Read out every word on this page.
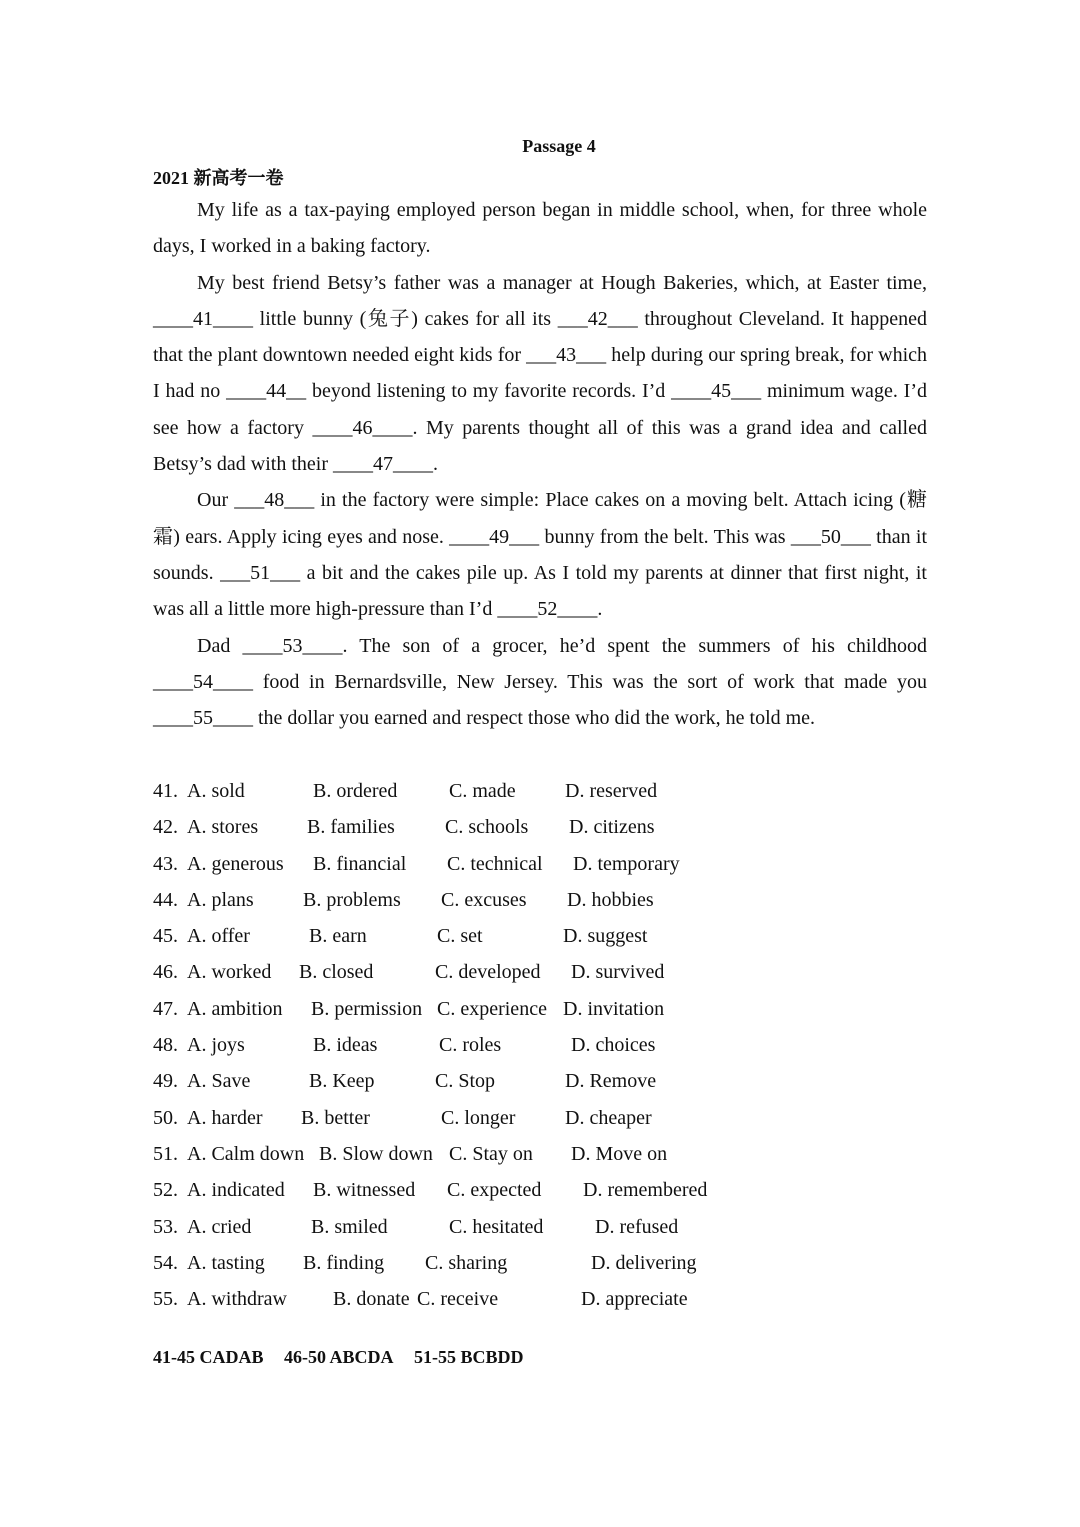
Passage 4
2021 新高考一卷

My life as a tax-paying employed person began in middle school, when, for three whole days, I worked in a baking factory.

My best friend Betsy’s father was a manager at Hough Bakeries, which, at Easter time, ____41____ little bunny (兔子) cakes for all its ___42___ throughout Cleveland. It happened that the plant downtown needed eight kids for ___43___ help during our spring break, for which I had no ____44__ beyond listening to my favorite records. I’d ____45___ minimum wage. I’d see how a factory ____46____. My parents thought all of this was a grand idea and called Betsy’s dad with their ____47____.

Our ___48___ in the factory were simple: Place cakes on a moving belt. Attach icing (糖霜) ears. Apply icing eyes and nose. ____49___ bunny from the belt. This was ___50___ than it sounds. ___51___ a bit and the cakes pile up. As I told my parents at dinner that first night, it was all a little more high-pressure than I’d ____52____.

Dad ____53____. The son of a grocer, he’d spent the summers of his childhood ____54____ food in Bernardsville, New Jersey. This was the sort of work that made you ____55____ the dollar you earned and respect those who did the work, he told me.

41. A. sold	B. ordered	C. made D. reserved
42. A. stores B. families	C. schools D. citizens
43. A. generous B. financial C. technical D. temporary
44. A. plans B. problems C. excuses D. hobbies
45. A. offer	B. earn	C. set	D. suggest
46. A. worked B. closed	C. developed D. survived
47. A. ambition B. permission C. experience D. invitation
48. A. joys	B. ideas	C. roles	D. choices
49. A. Save	B. Keep	C. Stop	D. Remove
50. A. harder B. better	C. longer D. cheaper
51. A. Calm down B. Slow down C. Stay on D. Move on
52. A. indicated B. witnessed C. expected D. remembered
53. A. cried	B. smiled	C. hesitated	D. refused
54. A. tasting B. finding C. sharing	D. delivering
55. A. withdraw B. donate C. receive	D. appreciate
41-45 CADAB 46-50 ABCDA 51-55 BCBDD
